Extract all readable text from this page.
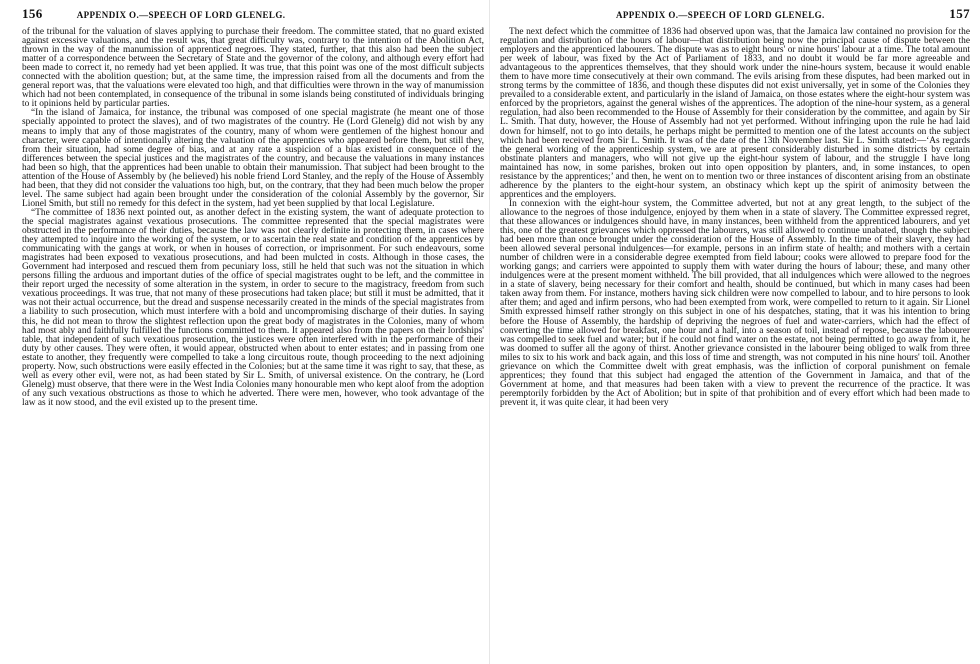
156	APPENDIX O.—SPEECH OF LORD GLENELG.

of the tribunal for the valuation of slaves applying to purchase their freedom. The committee stated, that no guard existed against excessive valuations, and the result was, that great difficulty was, contrary to the intention of the Abolition Act, thrown in the way of the manumission of apprenticed negroes. They stated, further, that this also had been the subject matter of a correspondence between the Secretary of State and the governor of the colony, and although every effort had been made to correct it, no remedy had yet been applied. It was true, that this point was one of the most difficult subjects connected with the abolition question; but, at the same time, the impression raised from all the documents and from the general report was, that the valuations were elevated too high, and that difficulties were thrown in the way of manumission which had not been contemplated, in consequence of the tribunal in some islands being constituted of individuals bringing to it opinions held by particular parties.

“In the island of Jamaica, for instance, the tribunal was composed of one special magistrate (he meant one of those specially appointed to protect the slaves), and of two magistrates of the country. He (Lord Glenelg) did not wish by any means to imply that any of those magistrates of the country, many of whom were gentlemen of the highest honour and character, were capable of intentionally altering the valuation of the apprentices who appeared before them, but still they, from their situation, had some degree of bias, and at any rate a suspicion of a bias existed in consequence of the differences between the special justices and the magistrates of the country, and because the valuations in many instances had been so high, that the apprentices had been unable to obtain their manumission. That subject had been brought to the attention of the House of Assembly by (he believed) his noble friend Lord Stanley, and the reply of the House of Assembly had been, that they did not consider the valuations too high, but, on the contrary, that they had been much below the proper level. The same subject had again been brought under the consideration of the colonial Assembly by the governor, Sir Lionel Smith, but still no remedy for this defect in the system, had yet been supplied by that local Legislature.

“The committee of 1836 next pointed out, as another defect in the existing system, the want of adequate protection to the special magistrates against vexatious prosecutions. The committee represented that the special magistrates were obstructed in the performance of their duties, because the law was not clearly definite in protecting them, in cases where they attempted to inquire into the working of the system, or to ascertain the real state and condition of the apprentices by communicating with the gangs at work, or when in houses of correction, or imprisonment. For such endeavours, some magistrates had been exposed to vexatious prosecutions, and had been mulcted in costs. Although in those cases, the Government had interposed and rescued them from pecuniary loss, still he held that such was not the situation in which persons filling the arduous and important duties of the office of special magistrates ought to be left, and the committee in their report urged the necessity of some alteration in the system, in order to secure to the magistracy, freedom from such vexatious proceedings. It was true, that not many of these prosecutions had taken place; but still it must be admitted, that it was not their actual occurrence, but the dread and suspense necessarily created in the minds of the special magistrates from a liability to such prosecution, which must interfere with a bold and uncompromising discharge of their duties. In saying this, he did not mean to throw the slightest reflection upon the great body of magistrates in the Colonies, many of whom had most ably and faithfully fulfilled the functions committed to them. It appeared also from the papers on their lordships' table, that independent of such vexatious prosecution, the justices were often interfered with in the performance of their duty by other causes. They were often, it would appear, obstructed when about to enter estates; and in passing from one estate to another, they frequently were compelled to take a long circuitous route, though proceeding to the next adjoining property. Now, such obstructions were easily effected in the Colonies; but at the same time it was right to say, that these, as well as every other evil, were not, as had been stated by Sir L. Smith, of universal existence. On the contrary, he (Lord Glenelg) must observe, that there were in the West India Colonies many honourable men who kept aloof from the adoption of any such vexatious obstructions as those to which he adverted. There were men, however, who took advantage of the law as it now stood, and the evil existed up to the present time.

APPENDIX O.—SPEECH OF LORD GLENELG.	157

The next defect which the committee of 1836 had observed upon was, that the Jamaica law contained no provision for the regulation and distribution of the hours of labour—that distribution being now the principal cause of dispute between the employers and the apprenticed labourers. The dispute was as to eight hours' or nine hours' labour at a time. The total amount per week of labour, was fixed by the Act of Parliament of 1833, and no doubt it would be far more agreeable and advantageous to the apprentices themselves, that they should work under the nine-hours system, because it would enable them to have more time consecutively at their own command. The evils arising from these disputes, had been marked out in strong terms by the committee of 1836, and though these disputes did not exist universally, yet in some of the Colonies they prevailed to a considerable extent, and particularly in the island of Jamaica, on those estates where the eight-hour system was enforced by the proprietors, against the general wishes of the apprentices. The adoption of the nine-hour system, as a general regulation, had also been recommended to the House of Assembly for their consideration by the committee, and again by Sir L. Smith. That duty, however, the House of Assembly had not yet performed. Without infringing upon the rule he had laid down for himself, not to go into details, he perhaps might be permitted to mention one of the latest accounts on the subject which had been received from Sir L. Smith. It was of the date of the 13th November last. Sir L. Smith stated:—‘As regards the general working of the apprenticeship system, we are at present considerably disturbed in some districts by certain obstinate planters and managers, who will not give up the eight-hour system of labour, and the struggle I have long maintained has now, in some parishes, broken out into open opposition by planters, and, in some instances, to open resistance by the apprentices;’ and then, he went on to mention two or three instances of discontent arising from an obstinate adherence by the planters to the eight-hour system, an obstinacy which kept up the spirit of animosity between the apprentices and the employers.

In connexion with the eight-hour system, the Committee adverted, but not at any great length, to the subject of the allowance to the negroes of those indulgence, enjoyed by them when in a state of slavery. The Committee expressed regret, that these allowances or indulgences should have, in many instances, been withheld from the apprenticed labourers, and yet this, one of the greatest grievances which oppressed the labourers, was still allowed to continue unabated, though the subject had been more than once brought under the consideration of the House of Assembly. In the time of their slavery, they had been allowed several personal indulgences—for example, persons in an infirm state of health; and mothers with a certain number of children were in a considerable degree exempted from field labour; cooks were allowed to prepare food for the working gangs; and carriers were appointed to supply them with water during the hours of labour; these, and many other indulgences were at the present moment withheld. The bill provided, that all indulgences which were allowed to the negroes in a state of slavery, being necessary for their comfort and health, should be continued, but which in many cases had been taken away from them. For instance, mothers having sick children were now compelled to labour, and to hire persons to look after them; and aged and infirm persons, who had been exempted from work, were compelled to return to it again. Sir Lionel Smith expressed himself rather strongly on this subject in one of his despatches, stating, that it was his intention to bring before the House of Assembly, the hardship of depriving the negroes of fuel and water-carriers, which had the effect of converting the time allowed for breakfast, one hour and a half, into a season of toil, instead of repose, because the labourer was compelled to seek fuel and water; but if he could not find water on the estate, not being permitted to go away from it, he was doomed to suffer all the agony of thirst. Another grievance consisted in the labourer being obliged to walk from three miles to six to his work and back again, and this loss of time and strength, was not computed in his nine hours' toil. Another grievance on which the Committee dwelt with great emphasis, was the infliction of corporal punishment on female apprentices; they found that this subject had engaged the attention of the Government in Jamaica, and that of the Government at home, and that measures had been taken with a view to prevent the recurrence of the practice. It was peremptorily forbidden by the Act of Abolition; but in spite of that prohibition and of every effort which had been made to prevent it, it was quite clear, it had been very
